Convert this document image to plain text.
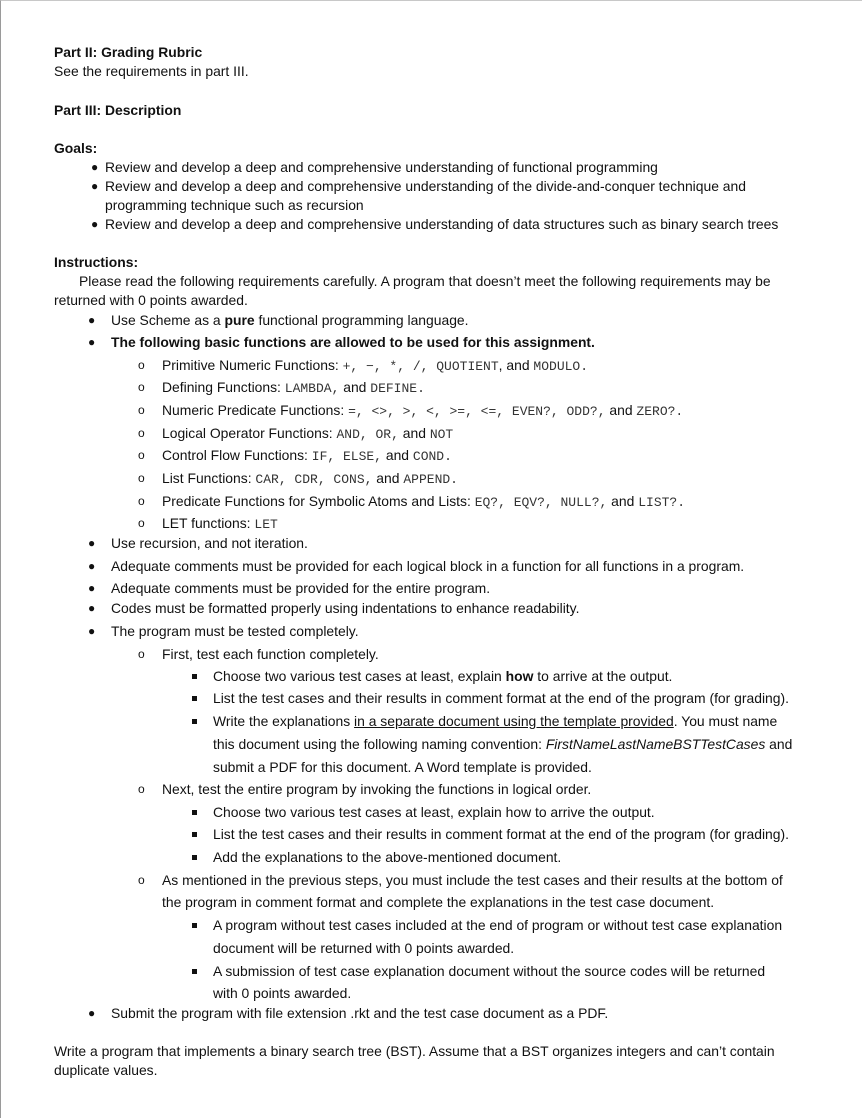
Part II: Grading Rubric
See the requirements in part III.
Part III: Description
Goals:
● Review and develop a deep and comprehensive understanding of functional programming
● Review and develop a deep and comprehensive understanding of the divide-and-conquer technique and
programming technique such as recursion
● Review and develop a deep and comprehensive understanding of data structures such as binary search trees
Instructions:
Please read the following requirements carefully. A program that doesn’t meet the following requirements may be
returned with 0 points awarded.
● Use Scheme as a pure functional programming language.
● The following basic functions are allowed to be used for this assignment.
o Primitive Numeric Functions: +, −, *, /, QUOTIENT, and MODULO.
o Defining Functions: LAMBDA, and DEFINE.
o Numeric Predicate Functions: =, <>, >, <, >=, <=, EVEN?, ODD?, and ZERO?.
o Logical Operator Functions: AND, OR, and NOT
o Control Flow Functions: IF, ELSE, and COND.
o List Functions: CAR, CDR, CONS, and APPEND.
o Predicate Functions for Symbolic Atoms and Lists: EQ?, EQV?, NULL?, and LIST?.
o LET functions: LET
● Use recursion, and not iteration.
● Adequate comments must be provided for each logical block in a function for all functions in a program.
● Adequate comments must be provided for the entire program.
● Codes must be formatted properly using indentations to enhance readability.
● The program must be tested completely.
o First, test each function completely.
Choose two various test cases at least, explain how to arrive at the output.
List the test cases and their results in comment format at the end of the program (for grading).
Write the explanations in a separate document using the template provided. You must name
this document using the following naming convention: FirstNameLastNameBSTTestCases and
submit a PDF for this document. A Word template is provided.
o Next, test the entire program by invoking the functions in logical order.
Choose two various test cases at least, explain how to arrive the output.
List the test cases and their results in comment format at the end of the program (for grading).
Add the explanations to the above-mentioned document.
o As mentioned in the previous steps, you must include the test cases and their results at the bottom of
the program in comment format and complete the explanations in the test case document.
A program without test cases included at the end of program or without test case explanation
document will be returned with 0 points awarded.
A submission of test case explanation document without the source codes will be returned
with 0 points awarded.
● Submit the program with file extension .rkt and the test case document as a PDF.
Write a program that implements a binary search tree (BST). Assume that a BST organizes integers and can’t contain
duplicate values.
